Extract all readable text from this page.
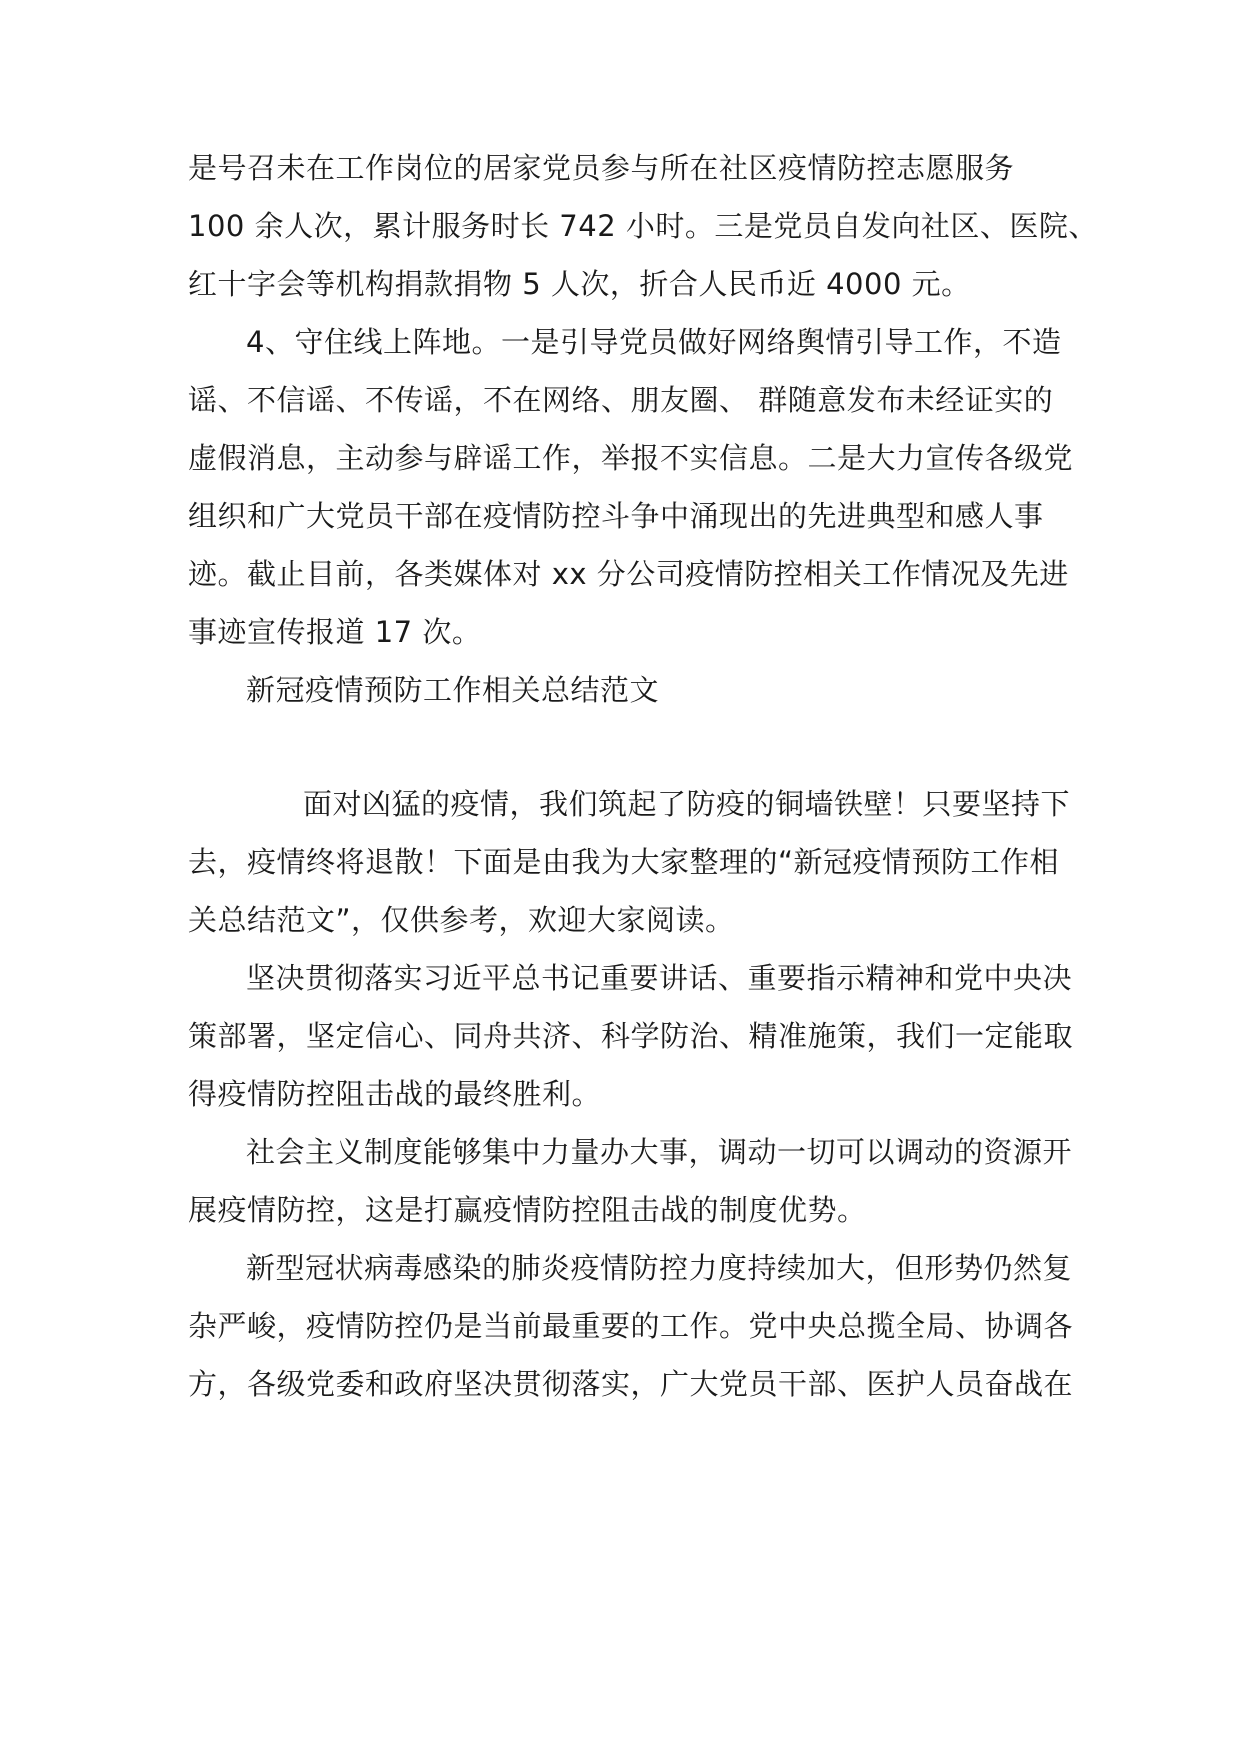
是号召未在工作岗位的居家党员参与所在社区疫情防控志愿服务
100 余人次，累计服务时长 742 小时。三是党员自发向社区、医院、
红十字会等机构捐款捐物 5 人次，折合人民币近 4000 元。
4、守住线上阵地。一是引导党员做好网络舆情引导工作，不造
谣、不信谣、不传谣，不在网络、朋友圈、 群随意发布未经证实的
虚假消息，主动参与辟谣工作，举报不实信息。二是大力宣传各级党
组织和广大党员干部在疫情防控斗争中涌现出的先进典型和感人事
迹。截止目前，各类媒体对 xx 分公司疫情防控相关工作情况及先进
事迹宣传报道 17 次。
新冠疫情预防工作相关总结范文
面对凶猛的疫情，我们筑起了防疫的铜墙铁壁！只要坚持下
去，疫情终将退散！下面是由我为大家整理的“新冠疫情预防工作相
关总结范文”，仅供参考，欢迎大家阅读。
坚决贯彻落实习近平总书记重要讲话、重要指示精神和党中央决
策部署，坚定信心、同舟共济、科学防治、精准施策，我们一定能取
得疫情防控阻击战的最终胜利。
社会主义制度能够集中力量办大事，调动一切可以调动的资源开
展疫情防控，这是打赢疫情防控阻击战的制度优势。
新型冠状病毒感染的肺炎疫情防控力度持续加大，但形势仍然复
杂严峻，疫情防控仍是当前最重要的工作。党中央总揽全局、协调各
方，各级党委和政府坚决贯彻落实，广大党员干部、医护人员奋战在
